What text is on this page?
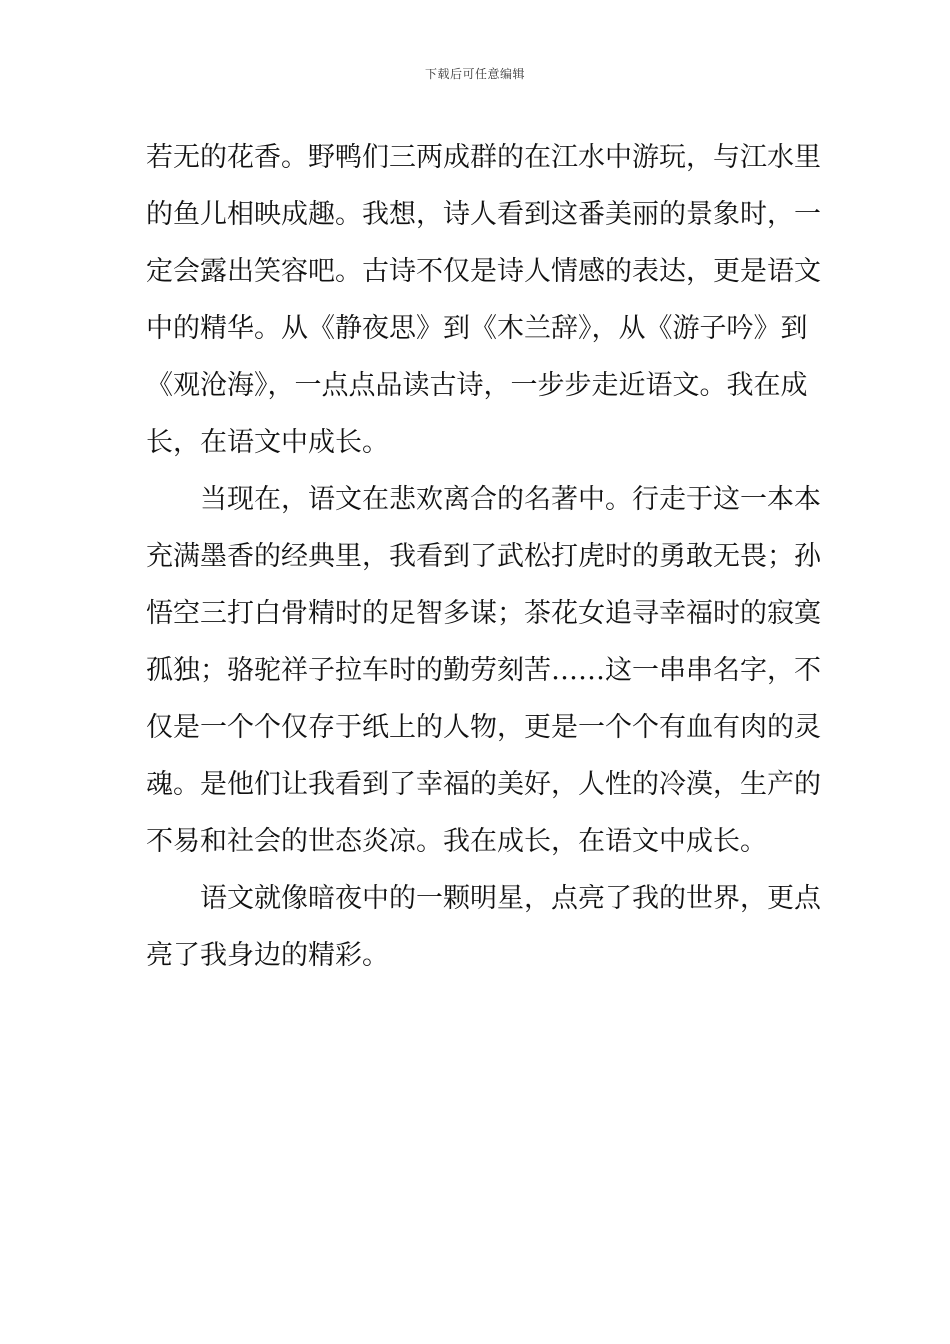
下载后可任意编辑
若无的花香。野鸭们三两成群的在江水中游玩，与江水里
的鱼儿相映成趣。我想，诗人看到这番美丽的景象时，一
定会露出笑容吧。古诗不仅是诗人情感的表达，更是语文
中的精华。从《静夜思》到《木兰辞》，从《游子吟》到
《观沧海》，一点点品读古诗，一步步走近语文。我在成
长，在语文中成长。
当现在，语文在悲欢离合的名著中。行走于这一本本
充满墨香的经典里，我看到了武松打虎时的勇敢无畏；孙
悟空三打白骨精时的足智多谋；茶花女追寻幸福时的寂寞
孤独；骆驼祥子拉车时的勤劳刻苦……这一串串名字，不
仅是一个个仅存于纸上的人物，更是一个个有血有肉的灵
魂。是他们让我看到了幸福的美好，人性的冷漠，生产的
不易和社会的世态炎凉。我在成长，在语文中成长。
语文就像暗夜中的一颗明星，点亮了我的世界，更点
亮了我身边的精彩。
